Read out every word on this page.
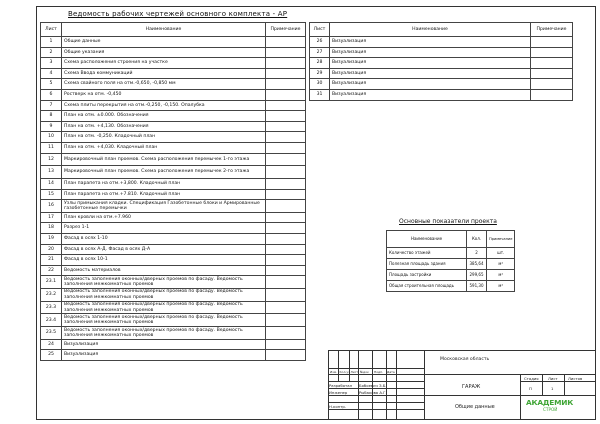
Ведомость рабочих чертежей основного комплекта - АР
Лист	Наименование	Примечание
1	Общие данные	
2	Общие указания	
3	Схема расположения строения на участке	
4	Схема Ввода коммуникаций	
5	Схема свайного поля на отм.-0,650, -0,850 мм	
6	Ростверк на отм. -0,450	
7	Схема плиты перекрытия на отм.-0,250, -0,150. Опалубка	
8	План на отм. ±0.000. Обозначения	
9	План на отм. +4,130. Обозначения	
10	План на отм. -0,250. Кладочный план	
11	План на отм. +4,030. Кладочный план	
12	Маркировочный план проемов. Схема расположения перемычек 1-го этажа	
13	Маркировочный план проемов. Схема расположения перемычек 2-го этажа	
14	План парапета на отм.+3,800. Кладочный план	
15	План парапета на отм.+7.810. Кладочный план	
16	Узлы примыкания кладки. Спецификация Газобетонные блоки и Армированные газобетонные перемычки	
17	План кровли на отм.+7.960	
18	Разрез 1-1	
19	Фасад в осях 1-10	
20	Фасад в осях А-Д. Фасад в осях Д-А	
21	Фасад в осях 10-1	
22	Ведомость материалов	
23.1	Ведомость заполнения оконных/дверных проемов по фасаду. Ведомость заполнения межкомнатных проемов	
23.2	Ведомость заполнения оконных/дверных проемов по фасаду. Ведомость заполнения межкомнатных проемов	
23.3	Ведомость заполнения оконных/дверных проемов по фасаду. Ведомость заполнения межкомнатных проемов	
23.4	Ведомость заполнения оконных/дверных проемов по фасаду. Ведомость заполнения межкомнатных проемов	
23.5	Ведомость заполнения оконных/дверных проемов по фасаду. Ведомость заполнения межкомнатных проемов	
24	Визуализация	
25	Визуализация	
Лист	Наименование	Примечание
26	Визуализация	
27	Визуализация	
28	Визуализация	
29	Визуализация	
30	Визуализация	
31	Визуализация	
Основные показатели проекта
Наименование	Кол.	Примечание
Количество этажей	2	шт.
Полезная площадь здания	385,64	м²
Площадь застройки	299,65	м²
Общая строительная площадь	591,30	м²
Московская область
Изм. Кол.уч Лист №док Подп. Дата
Разработал Бобоевич З.Б.
Инженер	Рыбакова А.Г.
Н.контр.
ГАРАЖ
Общие данные
Стадия Лист	Листов
П	1
АКАДЕМИК
СТРОЙ
